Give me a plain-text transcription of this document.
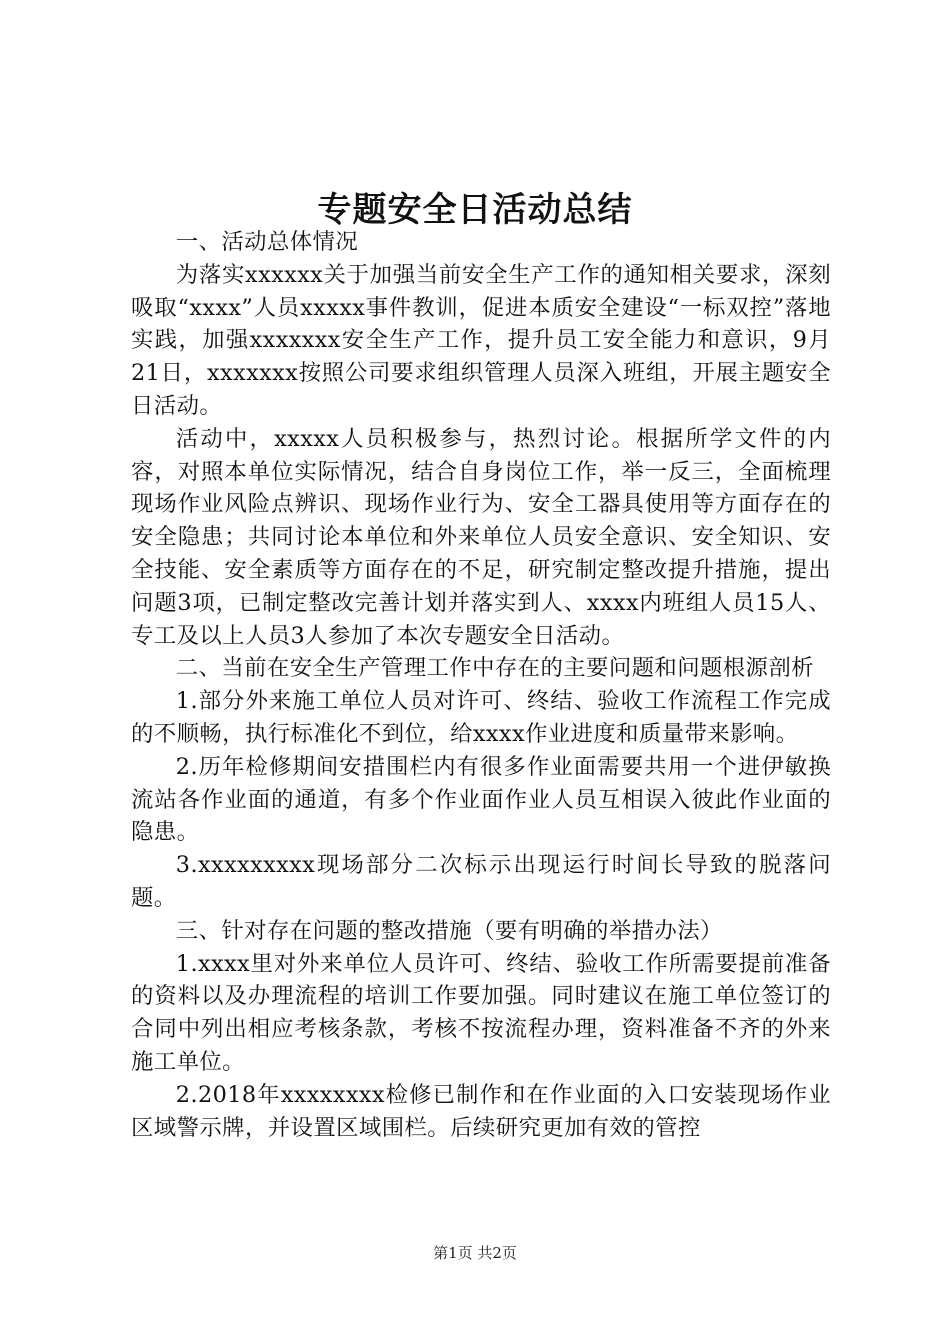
专题安全日活动总结

一、活动总体情况

为落实xxxxxx关于加强当前安全生产工作的通知相关要求，深刻吸取“xxxx”人员xxxxx事件教训，促进本质安全建设“一标双控”落地实践，加强xxxxxxx安全生产工作，提升员工安全能力和意识，9月21日，xxxxxxx按照公司要求组织管理人员深入班组，开展主题安全日活动。

活动中，xxxxx人员积极参与，热烈讨论。根据所学文件的内容，对照本单位实际情况，结合自身岗位工作，举一反三，全面梳理现场作业风险点辨识、现场作业行为、安全工器具使用等方面存在的安全隐患；共同讨论本单位和外来单位人员安全意识、安全知识、安全技能、安全素质等方面存在的不足，研究制定整改提升措施，提出问题3项，已制定整改完善计划并落实到人、xxxx内班组人员15人、专工及以上人员3人参加了本次专题安全日活动。

二、当前在安全生产管理工作中存在的主要问题和问题根源剖析

1.部分外来施工单位人员对许可、终结、验收工作流程工作完成的不顺畅，执行标准化不到位，给xxxx作业进度和质量带来影响。

2.历年检修期间安措围栏内有很多作业面需要共用一个进伊敏换流站各作业面的通道，有多个作业面作业人员互相误入彼此作业面的隐患。

3.xxxxxxxxx现场部分二次标示出现运行时间长导致的脱落问题。

三、针对存在问题的整改措施（要有明确的举措办法）

1.xxxx里对外来单位人员许可、终结、验收工作所需要提前准备的资料以及办理流程的培训工作要加强。同时建议在施工单位签订的合同中列出相应考核条款，考核不按流程办理，资料准备不齐的外来施工单位。

2.2018年xxxxxxxx检修已制作和在作业面的入口安装现场作业区域警示牌，并设置区域围栏。后续研究更加有效的管控

第1页 共2页
